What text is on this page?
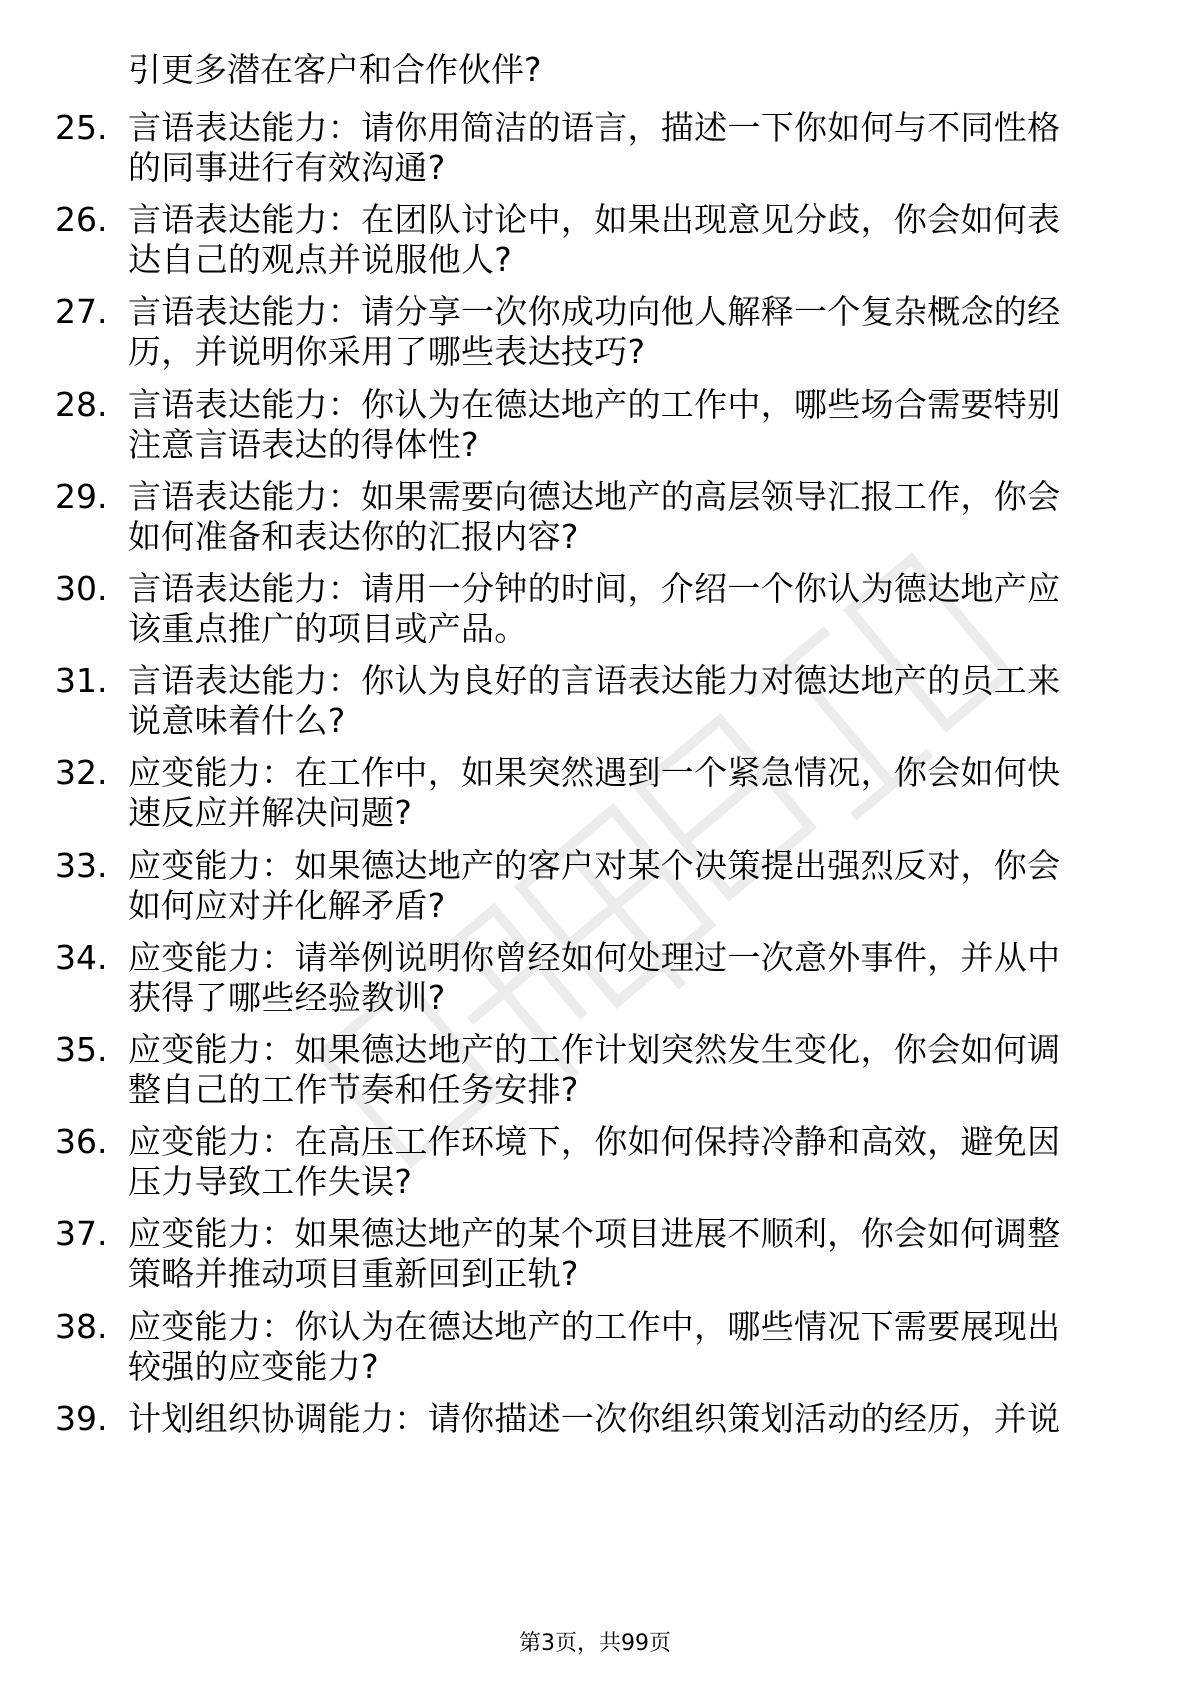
引更多潜在客户和合作伙伴?
25. 言语表达能力：请你用简洁的语言，描述一下你如何与不同性格
的同事进行有效沟通?
26. 言语表达能力：在团队讨论中，如果出现意见分歧，你会如何表
达自己的观点并说服他人?
27. 言语表达能力：请分享一次你成功向他人解释一个复杂概念的经
历，并说明你采用了哪些表达技巧?
28. 言语表达能力：你认为在德达地产的工作中，哪些场合需要特别
注意言语表达的得体性?
29. 言语表达能力：如果需要向德达地产的高层领导汇报工作，你会
如何准备和表达你的汇报内容?
30. 言语表达能力：请用一分钟的时间，介绍一个你认为德达地产应
该重点推广的项目或产品。
31. 言语表达能力：你认为良好的言语表达能力对德达地产的员工来
说意味着什么?
32. 应变能力：在工作中，如果突然遇到一个紧急情况，你会如何快
速反应并解决问题?
33. 应变能力：如果德达地产的客户对某个决策提出强烈反对，你会
如何应对并化解矛盾?
34. 应变能力：请举例说明你曾经如何处理过一次意外事件，并从中
获得了哪些经验教训?
35. 应变能力：如果德达地产的工作计划突然发生变化，你会如何调
整自己的工作节奏和任务安排?
36. 应变能力：在高压工作环境下，你如何保持冷静和高效，避免因
压力导致工作失误?
37. 应变能力：如果德达地产的某个项目进展不顺利，你会如何调整
策略并推动项目重新回到正轨?
38. 应变能力：你认为在德达地产的工作中，哪些情况下需要展现出
较强的应变能力?
39. 计划组织协调能力：请你描述一次你组织策划活动的经历，并说
第3页，共99页
